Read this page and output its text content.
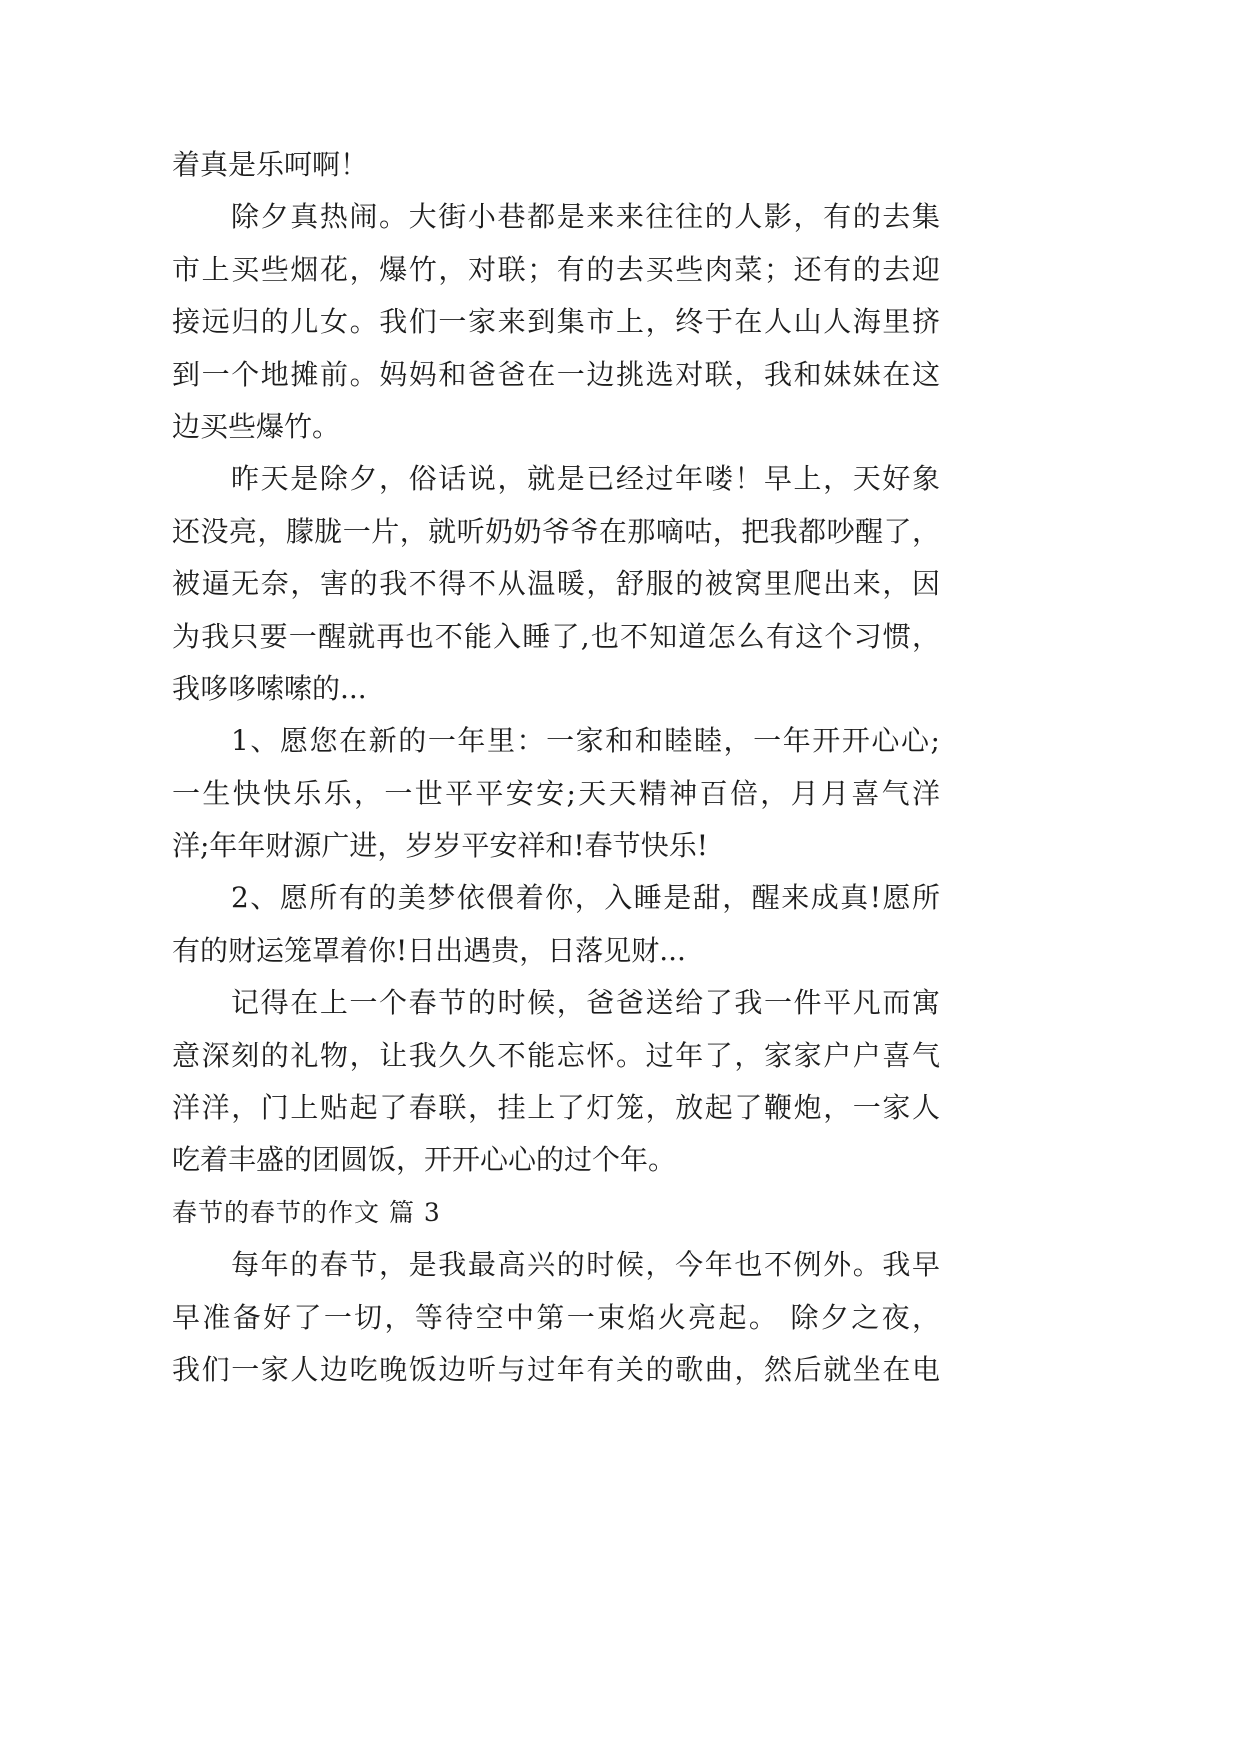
着真是乐呵啊！
除夕真热闹。大街小巷都是来来往往的人影，有的去集
市上买些烟花，爆竹，对联；有的去买些肉菜；还有的去迎
接远归的儿女。我们一家来到集市上，终于在人山人海里挤
到一个地摊前。妈妈和爸爸在一边挑选对联，我和妹妹在这
边买些爆竹。
昨天是除夕，俗话说，就是已经过年喽！早上，天好象
还没亮，朦胧一片，就听奶奶爷爷在那嘀咕，把我都吵醒了，
被逼无奈，害的我不得不从温暖，舒服的被窝里爬出来，因
为我只要一醒就再也不能入睡了,也不知道怎么有这个习惯，
我哆哆嗦嗦的...
1、愿您在新的一年里：一家和和睦睦，一年开开心心;
一生快快乐乐，一世平平安安;天天精神百倍，月月喜气洋
洋;年年财源广进，岁岁平安祥和!春节快乐!
2、愿所有的美梦依偎着你，入睡是甜，醒来成真!愿所
有的财运笼罩着你!日出遇贵，日落见财...
记得在上一个春节的时候，爸爸送给了我一件平凡而寓
意深刻的礼物，让我久久不能忘怀。过年了，家家户户喜气
洋洋，门上贴起了春联，挂上了灯笼，放起了鞭炮，一家人
吃着丰盛的团圆饭，开开心心的过个年。
春节的春节的作文 篇 3
每年的春节，是我最高兴的时候，今年也不例外。我早
早准备好了一切，等待空中第一束焰火亮起。 除夕之夜，
我们一家人边吃晚饭边听与过年有关的歌曲，然后就坐在电
